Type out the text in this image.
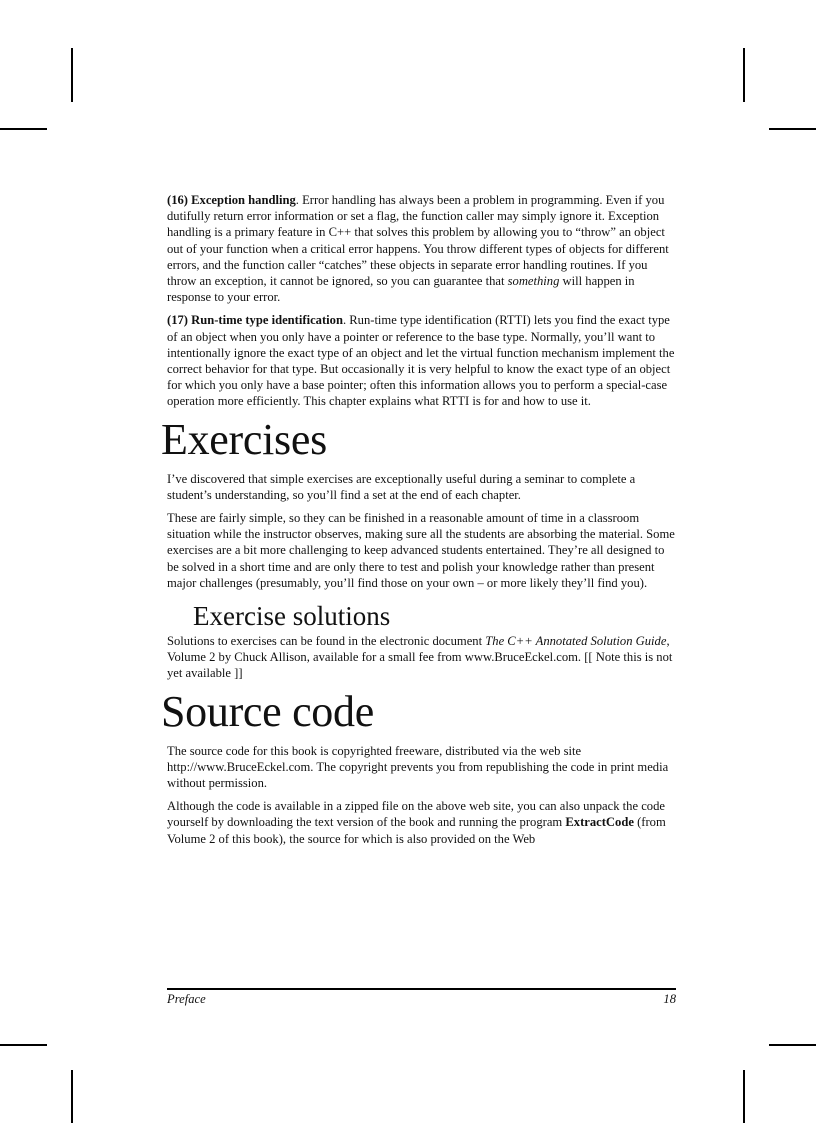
(16) Exception handling. Error handling has always been a problem in programming. Even if you dutifully return error information or set a flag, the function caller may simply ignore it. Exception handling is a primary feature in C++ that solves this problem by allowing you to “throw” an object out of your function when a critical error happens. You throw different types of objects for different errors, and the function caller “catches” these objects in separate error handling routines. If you throw an exception, it cannot be ignored, so you can guarantee that something will happen in response to your error.

(17) Run-time type identification. Run-time type identification (RTTI) lets you find the exact type of an object when you only have a pointer or reference to the base type. Normally, you’ll want to intentionally ignore the exact type of an object and let the virtual function mechanism implement the correct behavior for that type. But occasionally it is very helpful to know the exact type of an object for which you only have a base pointer; often this information allows you to perform a special-case operation more efficiently. This chapter explains what RTTI is for and how to use it.

Exercises

I’ve discovered that simple exercises are exceptionally useful during a seminar to complete a student’s understanding, so you’ll find a set at the end of each chapter.

These are fairly simple, so they can be finished in a reasonable amount of time in a classroom situation while the instructor observes, making sure all the students are absorbing the material. Some exercises are a bit more challenging to keep advanced students entertained. They’re all designed to be solved in a short time and are only there to test and polish your knowledge rather than present major challenges (presumably, you’ll find those on your own – or more likely they’ll find you).

Exercise solutions

Solutions to exercises can be found in the electronic document The C++ Annotated Solution Guide, Volume 2 by Chuck Allison, available for a small fee from www.BruceEckel.com. [[ Note this is not yet available ]]

Source code

The source code for this book is copyrighted freeware, distributed via the web site http://www.BruceEckel.com. The copyright prevents you from republishing the code in print media without permission.

Although the code is available in a zipped file on the above web site, you can also unpack the code yourself by downloading the text version of the book and running the program ExtractCode (from Volume 2 of this book), the source for which is also provided on the Web

Preface	18
